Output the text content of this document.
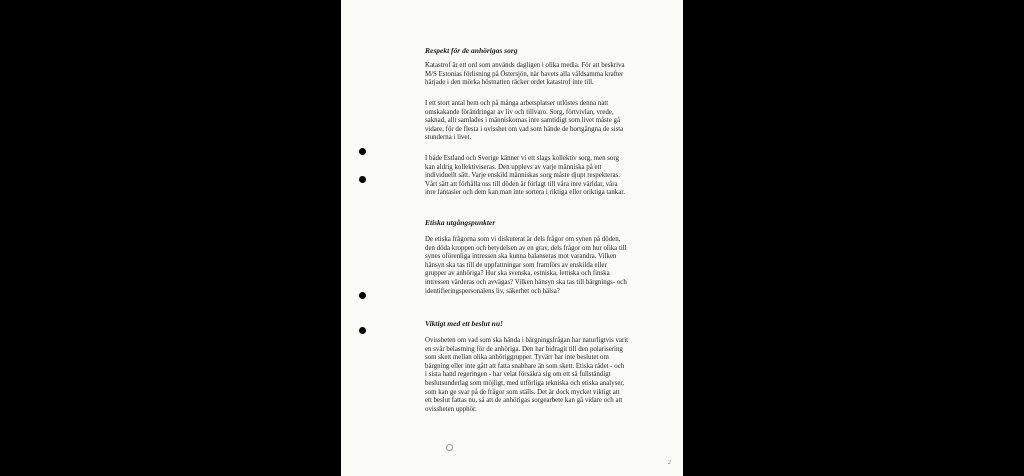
Respekt för de anhörigas sorg
Katastrof är ett ord som används dagligen i olika media. För att beskriva
M/S Estonias förlisning på Östersjön, när havets alla våldsamma krafter
härjade i den mörka höstnatten räcker ordet katastrof inte till.
I ett stort antal hem och på många arbetsplatser utlöstes denna natt
omskakande förändringar av liv och tillvaro. Sorg, förtvivlan, vrede,
saknad, allt samlades i människornas inre samtidigt som livet måste gå
vidare, för de flesta i ovisshet om vad som hände de bortgångna de sista
stunderna i livet.
I både Estland och Sverige känner vi ett slags kollektiv sorg, men sorg
kan aldrig kollektiviseras. Den upplevs av varje människa på ett
individuellt sätt. Varje enskild människas sorg måste djupt respekteras.
Vårt sätt att förhålla oss till döden är förlagt till våra inre världar, våra
inre fantasier och dem kan man inte sortera i riktiga eller oriktiga tankar.
Etiska utgångspunkter
De etiska frågorna som vi diskuterat är dels frågor om synen på döden,
den döda kroppen och betydelsen av en grav, dels frågor om hur olika till
synes oförenliga intressen ska kunna balanseras mot varandra. Vilken
hänsyn ska tas till de uppfattningar som framförs av enskilda eller
grupper av anhöriga? Hur ska svenska, estniska, lettiska och finska
intressen värderas och avvägas? Vilken hänsyn ska tas till bärgnings- och
identifieringspersonalens liv, säkerhet och hälsa?
Viktigt med ett beslut nu!
Ovissheten om vad som ska hända i bärgningsfrågan har naturligtvis varit
en svår belastning för de anhöriga. Den har bidragit till den polarisering
som skett mellan olika anhöriggrupper. Tyvärr har inte beslutet om
bärgning eller inte gått att fatta snabbare än som skett. Etiska rådet - och
i sista hand regeringen - har velat försäkra sig om ett så fullständigt
beslutsunderlag som möjligt, med utförliga tekniska och etiska analyser,
som kan ge svar på de frågor som ställs. Det är dock mycket viktigt att
ett beslut fattas nu, så att de anhörigas sorgearbete kan gå vidare och att
ovissheten upphör.
2
